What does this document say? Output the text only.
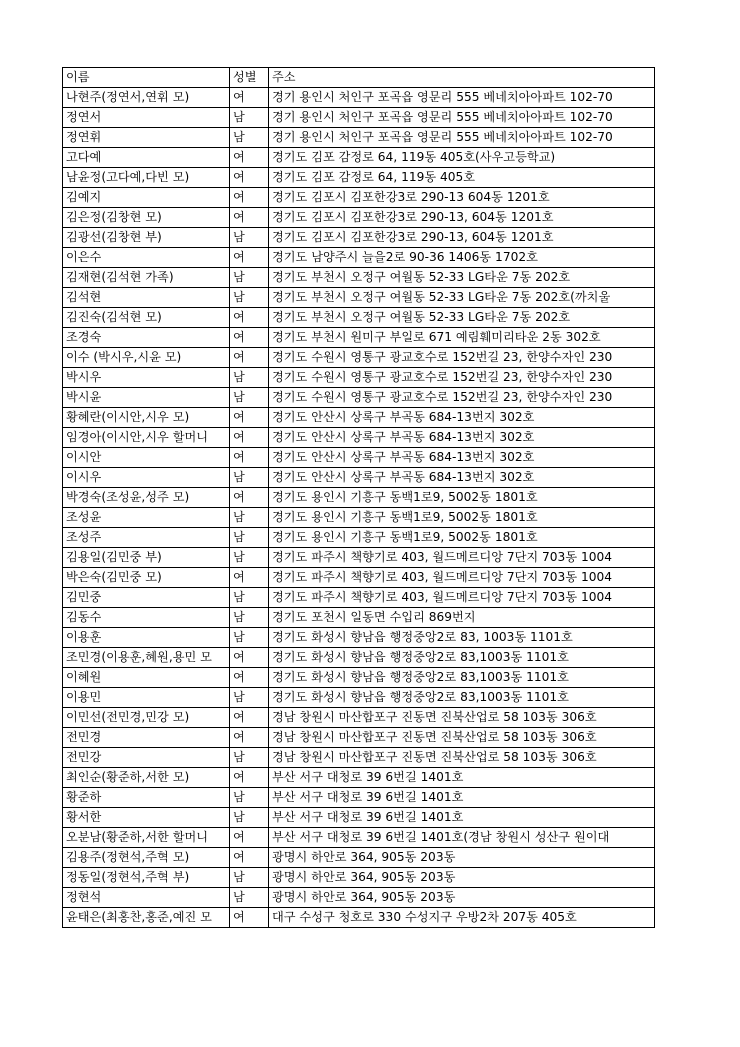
이름	성별	주소
나현주(정연서,연휘 모)	여	경기 용인시 처인구 포곡읍 영문리 555 베네치아아파트 102-70
정연서	남	경기 용인시 처인구 포곡읍 영문리 555 베네치아아파트 102-70
정연휘	남	경기 용인시 처인구 포곡읍 영문리 555 베네치아아파트 102-70
고다예	여	경기도 김포 감정로 64, 119동 405호(사우고등학교)
남윤정(고다예,다빈 모)	여	경기도 김포 감정로 64, 119동 405호
김예지	여	경기도 김포시 김포한강3로 290-13 604동 1201호
김은정(김창현 모)	여	경기도 김포시 김포한강3로 290-13, 604동 1201호
김광선(김창현 부)	남	경기도 김포시 김포한강3로 290-13, 604동 1201호
이은수	여	경기도 남양주시 늘을2로 90-36 1406동 1702호
김재현(김석현 가족)	남	경기도 부천시 오정구 여월동 52-33 LG타운 7동 202호
김석현	남	경기도 부천시 오정구 여월동 52-33 LG타운 7동 202호(까치울
김진숙(김석현 모)	여	경기도 부천시 오정구 여월동 52-33 LG타운 7동 202호
조경숙	여	경기도 부천시 원미구 부일로 671 예림훼미리타운 2동 302호
이수 (박시우,시윤 모)	여	경기도 수원시 영통구 광교호수로 152번길 23, 한양수자인 230
박시우	남	경기도 수원시 영통구 광교호수로 152번길 23, 한양수자인 230
박시윤	남	경기도 수원시 영통구 광교호수로 152번길 23, 한양수자인 230
황혜란(이시안,시우 모)	여	경기도 안산시 상록구 부곡동 684-13번지 302호
임경아(이시안,시우 할머니	여	경기도 안산시 상록구 부곡동 684-13번지 302호
이시안	여	경기도 안산시 상록구 부곡동 684-13번지 302호
이시우	남	경기도 안산시 상록구 부곡동 684-13번지 302호
박경숙(조성윤,성주 모)	여	경기도 용인시 기흥구 동백1로9, 5002동 1801호
조성윤	남	경기도 용인시 기흥구 동백1로9, 5002동 1801호
조성주	남	경기도 용인시 기흥구 동백1로9, 5002동 1801호
김용일(김민중 부)	남	경기도 파주시 책향기로 403, 월드메르디앙 7단지 703동 1004
박은숙(김민중 모)	여	경기도 파주시 책향기로 403, 월드메르디앙 7단지 703동 1004
김민중	남	경기도 파주시 책향기로 403, 월드메르디앙 7단지 703동 1004
김동수	남	경기도 포천시 일동면 수입리 869번지
이용훈	남	경기도 화성시 향남읍 행정중앙2로 83, 1003동 1101호
조민경(이용훈,혜원,용민 모	여	경기도 화성시 향남읍 행정중앙2로 83,1003동 1101호
이혜원	여	경기도 화성시 향남읍 행정중앙2로 83,1003동 1101호
이용민	남	경기도 화성시 향남읍 행정중앙2로 83,1003동 1101호
이민선(전민경,민강 모)	여	경남 창원시 마산합포구 진동면 진북산업로 58 103동 306호
전민경	여	경남 창원시 마산합포구 진동면 진북산업로 58 103동 306호
전민강	남	경남 창원시 마산합포구 진동면 진북산업로 58 103동 306호
최인순(황준하,서한 모)	여	부산 서구 대청로 39 6번길 1401호
황준하	남	부산 서구 대청로 39 6번길 1401호
황서한	남	부산 서구 대청로 39 6번길 1401호
오분남(황준하,서한 할머니	여	부산 서구 대청로 39 6번길 1401호(경남 창원시 성산구 원이대
김용주(정현석,주혁 모)	여	광명시 하안로 364, 905동 203동
정동일(정현석,주혁 부)	남	광명시 하안로 364, 905동 203동
정현석	남	광명시 하안로 364, 905동 203동
윤태은(최홍찬,홍준,예진 모	여	대구 수성구 청호로 330 수성지구 우방2차 207동 405호
